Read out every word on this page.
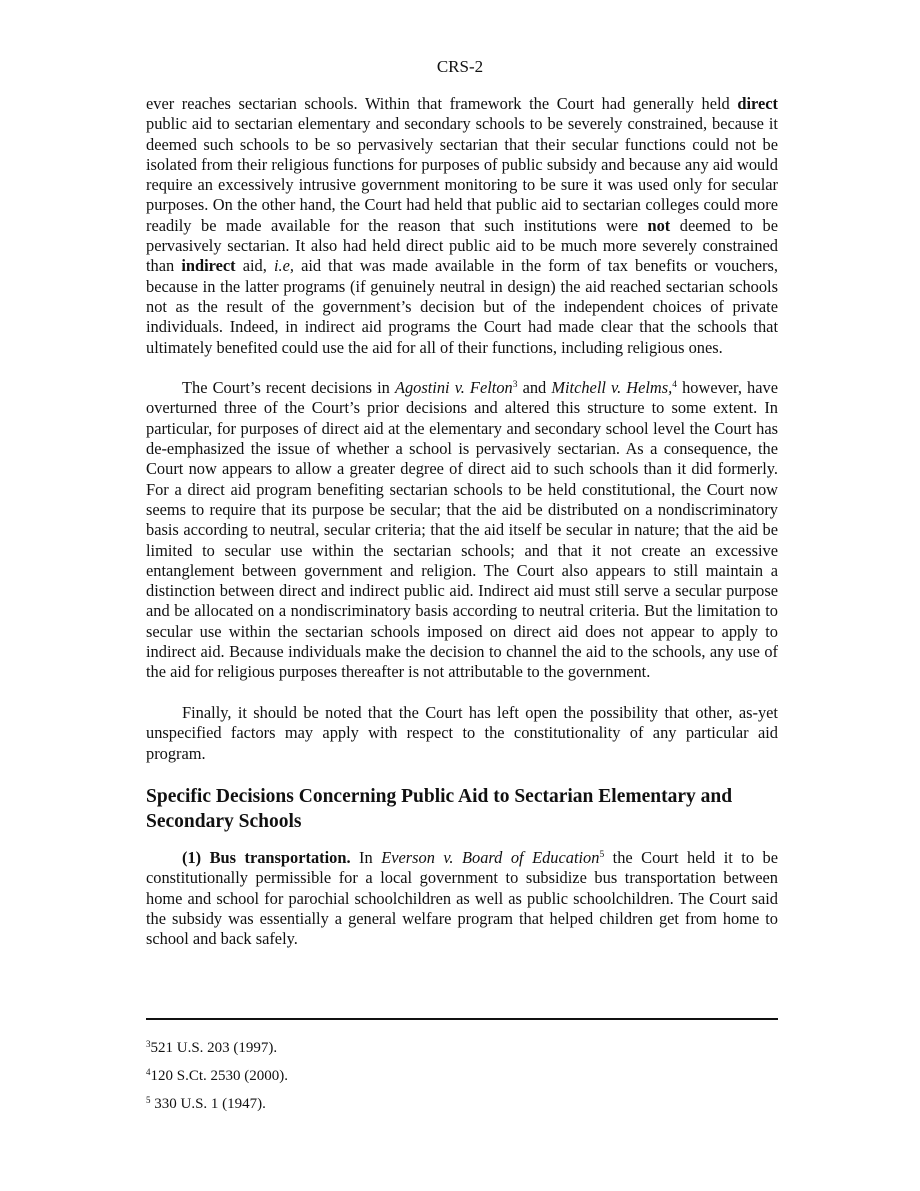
CRS-2

ever reaches sectarian schools. Within that framework the Court had generally held direct public aid to sectarian elementary and secondary schools to be severely constrained, because it deemed such schools to be so pervasively sectarian that their secular functions could not be isolated from their religious functions for purposes of public subsidy and because any aid would require an excessively intrusive government monitoring to be sure it was used only for secular purposes. On the other hand, the Court had held that public aid to sectarian colleges could more readily be made available for the reason that such institutions were not deemed to be pervasively sectarian. It also had held direct public aid to be much more severely constrained than indirect aid, i.e, aid that was made available in the form of tax benefits or vouchers, because in the latter programs (if genuinely neutral in design) the aid reached sectarian schools not as the result of the government’s decision but of the independent choices of private individuals. Indeed, in indirect aid programs the Court had made clear that the schools that ultimately benefited could use the aid for all of their functions, including religious ones.

The Court’s recent decisions in Agostini v. Felton$^3$ and Mitchell v. Helms,$^4$ however, have overturned three of the Court’s prior decisions and altered this structure to some extent. In particular, for purposes of direct aid at the elementary and secondary school level the Court has de-emphasized the issue of whether a school is pervasively sectarian. As a consequence, the Court now appears to allow a greater degree of direct aid to such schools than it did formerly. For a direct aid program benefiting sectarian schools to be held constitutional, the Court now seems to require that its purpose be secular; that the aid be distributed on a nondiscriminatory basis according to neutral, secular criteria; that the aid itself be secular in nature; that the aid be limited to secular use within the sectarian schools; and that it not create an excessive entanglement between government and religion. The Court also appears to still maintain a distinction between direct and indirect public aid. Indirect aid must still serve a secular purpose and be allocated on a nondiscriminatory basis according to neutral criteria. But the limitation to secular use within the sectarian schools imposed on direct aid does not appear to apply to indirect aid. Because individuals make the decision to channel the aid to the schools, any use of the aid for religious purposes thereafter is not attributable to the government.

Finally, it should be noted that the Court has left open the possibility that other, as-yet unspecified factors may apply with respect to the constitutionality of any particular aid program.

Specific Decisions Concerning Public Aid to Sectarian Elementary and Secondary Schools

(1) Bus transportation. In Everson v. Board of Education$^5$ the Court held it to be constitutionally permissible for a local government to subsidize bus transportation between home and school for parochial schoolchildren as well as public schoolchildren. The Court said the subsidy was essentially a general welfare program that helped children get from home to school and back safely.

$^3$521 U.S. 203 (1997).
$^4$120 S.Ct. 2530 (2000).
$^5$ 330 U.S. 1 (1947).
